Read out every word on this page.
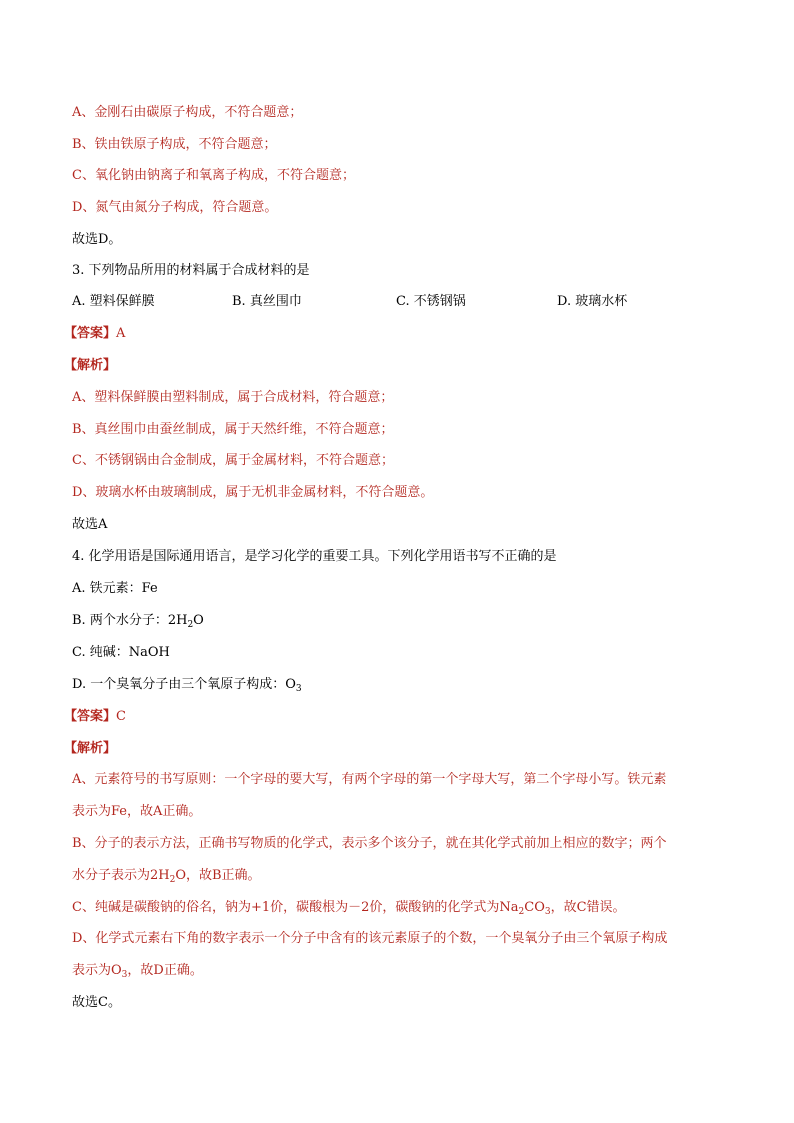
A、金刚石由碳原子构成，不符合题意；
B、铁由铁原子构成，不符合题意；
C、氧化钠由钠离子和氧离子构成，不符合题意；
D、氮气由氮分子构成，符合题意。
故选D。
3. 下列物品所用的材料属于合成材料的是
A. 塑料保鲜膜	B. 真丝围巾	C. 不锈钢锅	D. 玻璃水杯
【答案】A
【解析】
A、塑料保鲜膜由塑料制成，属于合成材料，符合题意；
B、真丝围巾由蚕丝制成，属于天然纤维，不符合题意；
C、不锈钢锅由合金制成，属于金属材料，不符合题意；
D、玻璃水杯由玻璃制成，属于无机非金属材料，不符合题意。
故选A
4. 化学用语是国际通用语言，是学习化学的重要工具。下列化学用语书写不正确的是
A. 铁元素：Fe
B. 两个水分子：$2H_2O$
C. 纯碱：NaOH
D. 一个臭氧分子由三个氧原子构成：$O_3$
【答案】C
【解析】
A、元素符号的书写原则：一个字母的要大写，有两个字母的第一个字母大写，第二个字母小写。铁元素
表示为Fe，故A正确。
B、分子的表示方法，正确书写物质的化学式，表示多个该分子，就在其化学式前加上相应的数字；两个
水分子表示为$2H_2O$，故B正确。
C、纯碱是碳酸钠的俗名，钠为+1价，碳酸根为－2价，碳酸钠的化学式为$Na_2CO_3$，故C错误。
D、化学式元素右下角的数字表示一个分子中含有的该元素原子的个数，一个臭氧分子由三个氧原子构成
表示为$O_3$，故D正确。
故选C。
